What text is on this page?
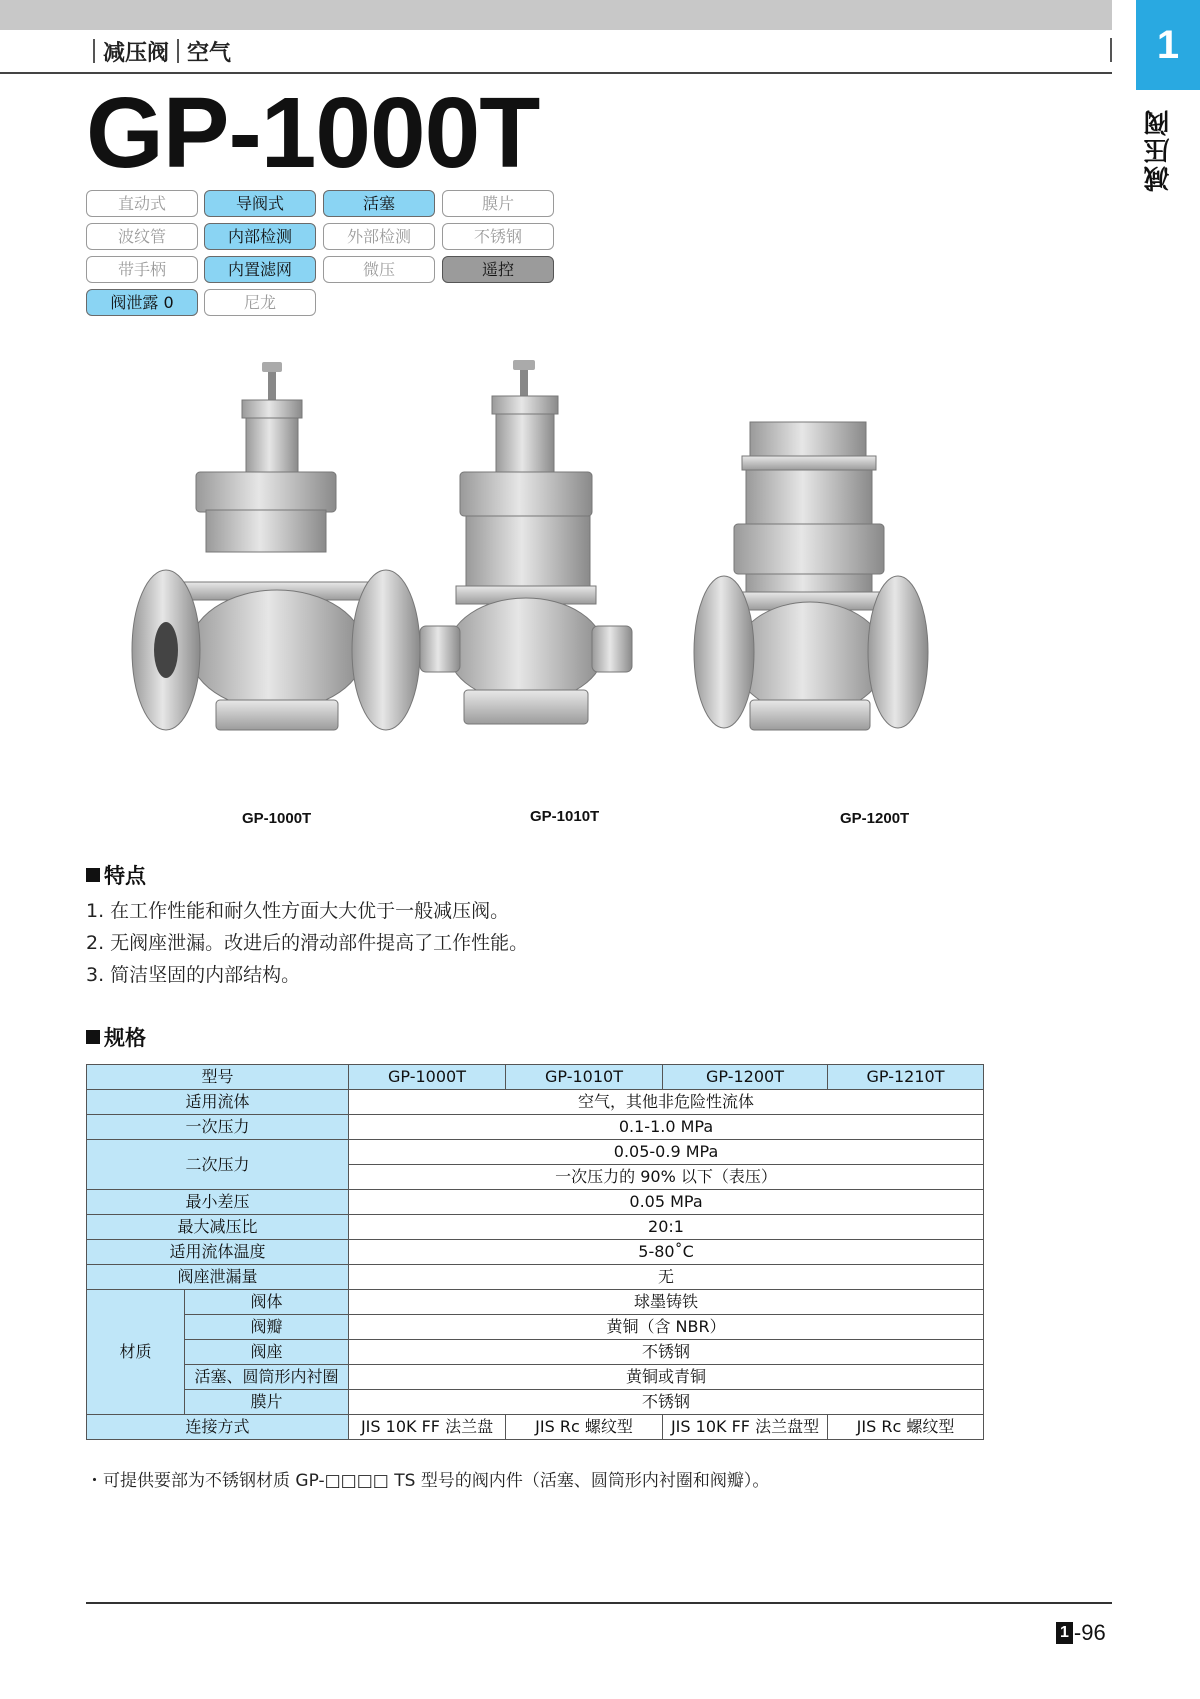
1
减压阀
减压阀 空气
GP-1000T
直动式	导阀式	活塞	膜片
波纹管	内部检测	外部检测	不锈钢
带手柄	内置滤网	微压	遥控
阀泄露 0	尼龙
GP-1000T	GP-1010T	GP-1200T
特点
1. 在工作性能和耐久性方面大大优于一般减压阀。
2. 无阀座泄漏。改进后的滑动部件提高了工作性能。
3. 简洁坚固的内部结构。
规格
型号		GP-1000T	GP-1010T	GP-1200T	GP-1210T
适用流体		空气，其他非危险性流体			
一次压力		0.1-1.0 MPa			
二次压力		0.05-0.9 MPa			
		一次压力的 90% 以下（表压）			
最小差压		0.05 MPa			
最大减压比		20:1			
适用流体温度		5-80˚C			
阀座泄漏量		无			
材质	阀体	球墨铸铁			
	阀瓣	黄铜（含 NBR）			
	阀座	不锈钢			
	活塞、圆筒形内衬圈	黄铜或青铜			
	膜片	不锈钢			
连接方式		JIS 10K FF 法兰盘	JIS Rc 螺纹型	JIS 10K FF 法兰盘型	JIS Rc 螺纹型
・可提供要部为不锈钢材质 GP-□□□□ TS 型号的阀内件（活塞、圆筒形内衬圈和阀瓣）。
1 -96
